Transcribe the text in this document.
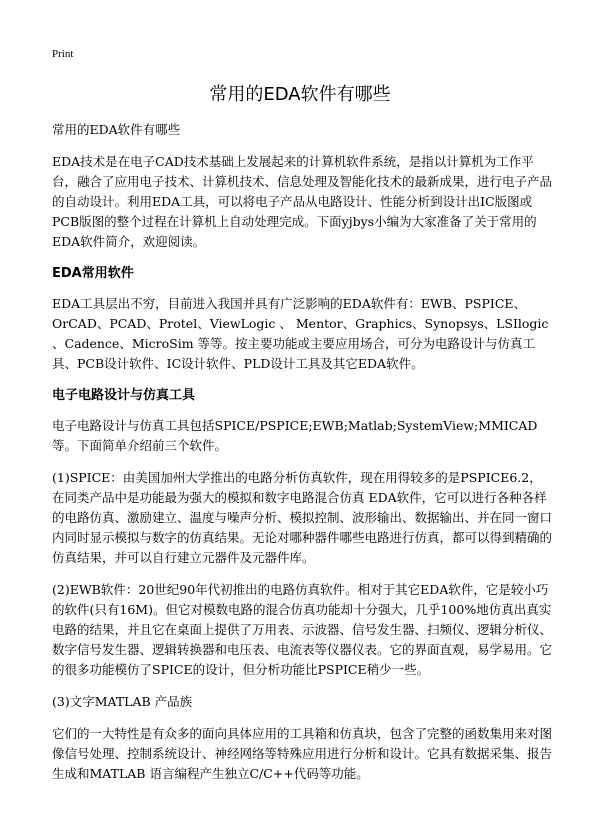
Print
常用的EDA软件有哪些

常用的EDA软件有哪些

EDA技术是在电子CAD技术基础上发展起来的计算机软件系统，是指以计算机为工作平台，融合了应用电子技术、计算机技术、信息处理及智能化技术的最新成果，进行电子产品的自动设计。利用EDA工具，可以将电子产品从电路设计、性能分析到设计出IC版图或PCB版图的整个过程在计算机上自动处理完成。下面yjbys小编为大家准备了关于常用的EDA软件简介，欢迎阅读。

EDA常用软件

EDA工具层出不穷，目前进入我国并具有广泛影响的EDA软件有：EWB、PSPICE、OrCAD、PCAD、Protel、ViewLogic 、 Mentor、Graphics、Synopsys、LSIlogic 、Cadence、MicroSim 等等。按主要功能或主要应用场合，可分为电路设计与仿真工具、PCB设计软件、IC设计软件、PLD设计工具及其它EDA软件。

电子电路设计与仿真工具

电子电路设计与仿真工具包括SPICE/PSPICE;EWB;Matlab;SystemView;MMICAD 等。下面简单介绍前三个软件。

(1)SPICE：由美国加州大学推出的电路分析仿真软件，现在用得较多的是PSPICE6.2，在同类产品中是功能最为强大的模拟和数字电路混合仿真 EDA软件，它可以进行各种各样的电路仿真、激励建立、温度与噪声分析、模拟控制、波形输出、数据输出、并在同一窗口内同时显示模拟与数字的仿真结果。无论对哪种器件哪些电路进行仿真，都可以得到精确的仿真结果，并可以自行建立元器件及元器件库。

(2)EWB软件：20世纪90年代初推出的电路仿真软件。相对于其它EDA软件，它是较小巧的软件(只有16M)。但它对模数电路的混合仿真功能却十分强大，几乎100%地仿真出真实电路的结果，并且它在桌面上提供了万用表、示波器、信号发生器、扫频仪、逻辑分析仪、数字信号发生器、逻辑转换器和电压表、电流表等仪器仪表。它的界面直观，易学易用。它的很多功能模仿了SPICE的设计，但分析功能比PSPICE稍少一些。

(3)文字MATLAB 产品族

它们的一大特性是有众多的面向具体应用的工具箱和仿真块，包含了完整的函数集用来对图像信号处理、控制系统设计、神经网络等特殊应用进行分析和设计。它具有数据采集、报告生成和MATLAB 语言编程产生独立C/C++代码等功能。
